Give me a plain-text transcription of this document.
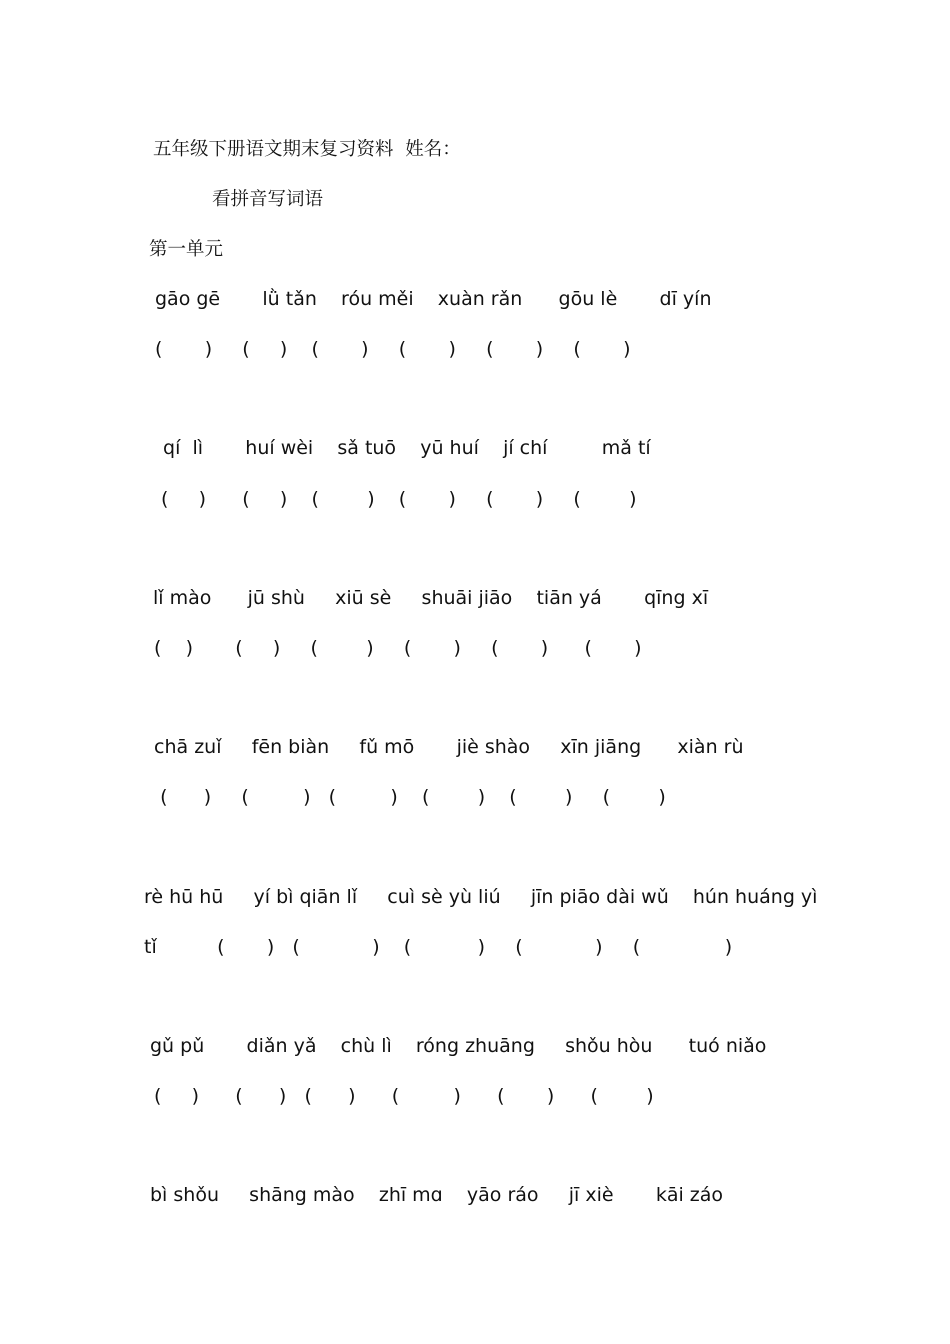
五年级下册语文期末复习资料  姓名：

看拼音写词语

第一单元

gāo gē       lǜ tǎn    róu měi    xuàn rǎn      gōu lè       dī yín

(       )     (     )    (       )     (       )     (       )     (       )

qí  lì       huí wèi    sǎ tuō    yū huí    jí chí         mǎ tí

(     )      (     )    (        )    (       )     (       )     (        )

lǐ mào      jū shù     xiū sè     shuāi jiāo    tiān yá       qīng xī

(    )       (     )     (        )     (       )     (       )      (       )

chā zuǐ     fēn biàn     fǔ mō       jiè shào     xīn jiāng      xiàn rù

(      )     (         )   (         )    (        )    (        )     (        )

rè hū hū     yí bì qiān lǐ     cuì sè yù liú     jīn piāo dài wǔ    hún huáng yì

tǐ          (       )   (            )    (           )     (            )     (              )

gǔ pǔ       diǎn yǎ    chù lì    róng zhuāng     shǒu hòu      tuó niǎo

(     )      (      )   (      )      (         )      (       )      (        )

bì shǒu     shāng mào    zhī mɑ    yāo ráo     jī xiè       kāi záo
